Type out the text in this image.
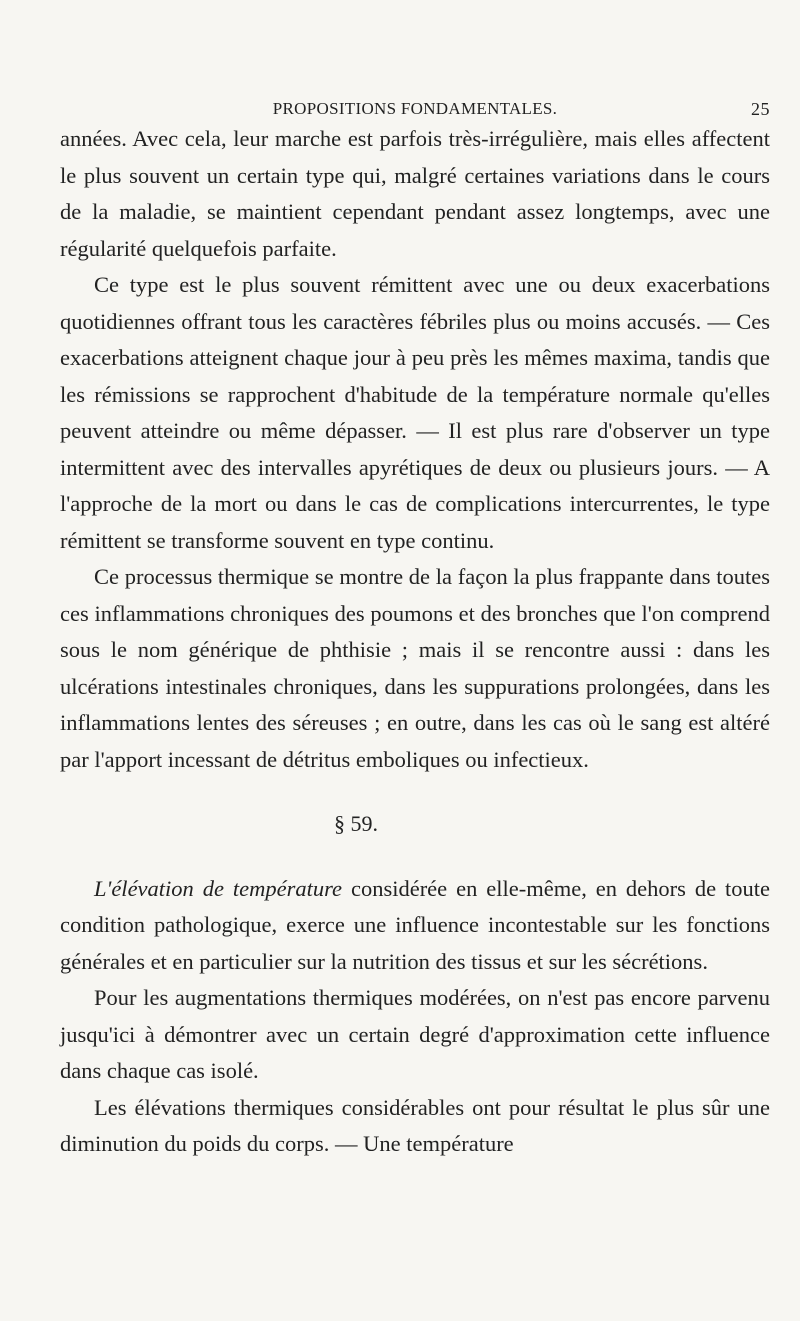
PROPOSITIONS FONDAMENTALES.	25

années. Avec cela, leur marche est parfois très-irrégulière, mais elles affectent le plus souvent un certain type qui, malgré certaines variations dans le cours de la maladie, se maintient cependant pendant assez longtemps, avec une régularité quelquefois parfaite.

Ce type est le plus souvent rémittent avec une ou deux exacerbations quotidiennes offrant tous les caractères fébriles plus ou moins accusés. — Ces exacerbations atteignent chaque jour à peu près les mêmes maxima, tandis que les rémissions se rapprochent d'habitude de la température normale qu'elles peuvent atteindre ou même dépasser. — Il est plus rare d'observer un type intermittent avec des intervalles apyrétiques de deux ou plusieurs jours. — A l'approche de la mort ou dans le cas de complications intercurrentes, le type rémittent se transforme souvent en type continu.

Ce processus thermique se montre de la façon la plus frappante dans toutes ces inflammations chroniques des poumons et des bronches que l'on comprend sous le nom générique de phthisie ; mais il se rencontre aussi : dans les ulcérations intestinales chroniques, dans les suppurations prolongées, dans les inflammations lentes des séreuses ; en outre, dans les cas où le sang est altéré par l'apport incessant de détritus emboliques ou infectieux.

§ 59.

L'élévation de température considérée en elle-même, en dehors de toute condition pathologique, exerce une influence incontestable sur les fonctions générales et en particulier sur la nutrition des tissus et sur les sécrétions.

Pour les augmentations thermiques modérées, on n'est pas encore parvenu jusqu'ici à démontrer avec un certain degré d'approximation cette influence dans chaque cas isolé.

Les élévations thermiques considérables ont pour résultat le plus sûr une diminution du poids du corps. — Une température
